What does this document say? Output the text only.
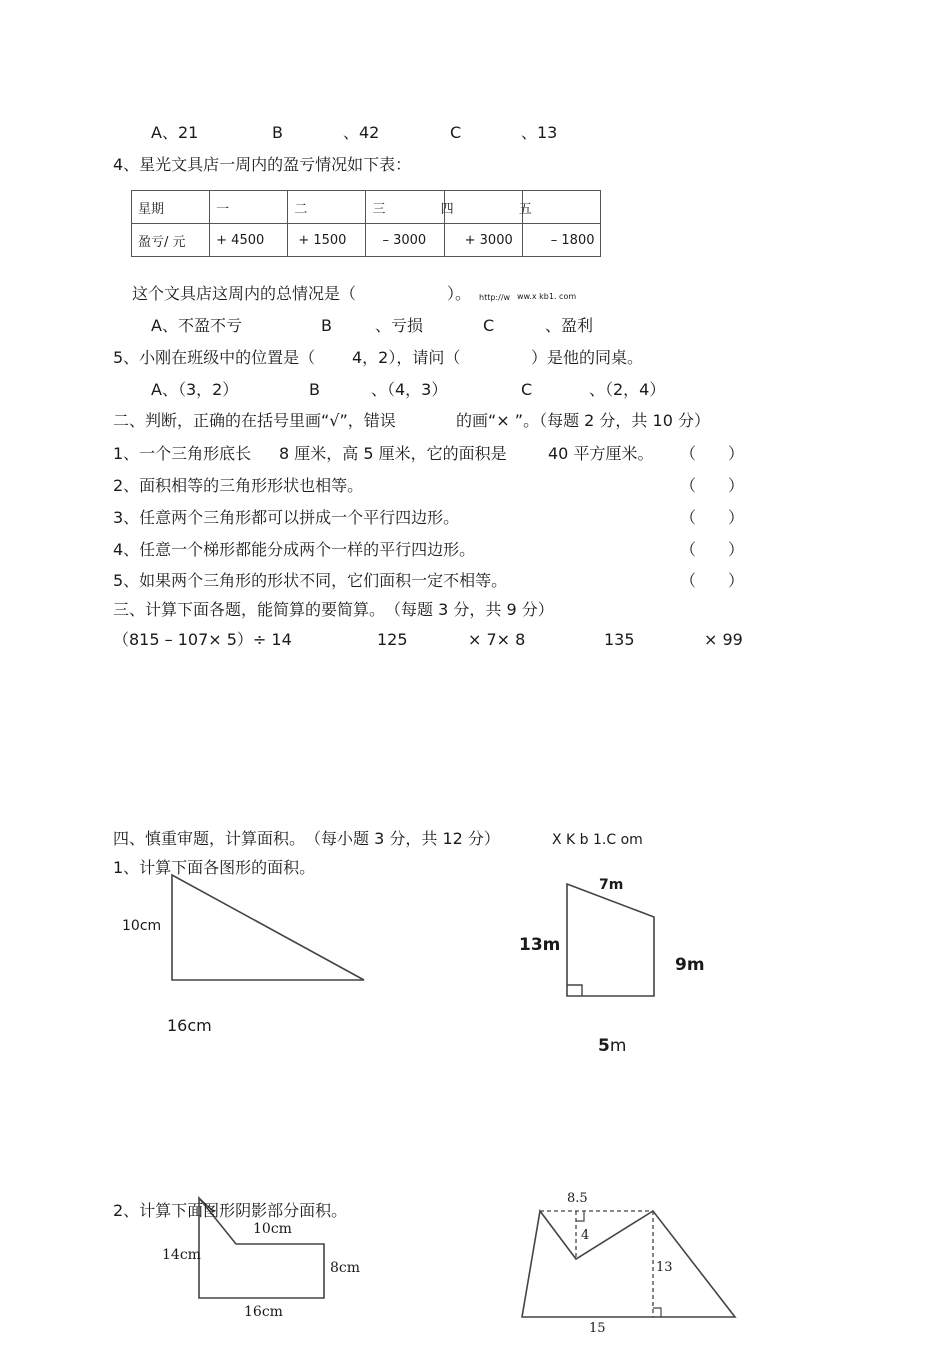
A、21	B	、42	C	、13
4、星光文具店一周内的盈亏情况如下表：
星期	一	二	三	四	五
盈亏/ 元	+ 4500	+ 1500	– 3000	+ 3000	– 1800
这个文具店这周内的总情况是（	）。 http://w ww.x kb1. com
A、不盈不亏	B	、亏损	C	、盈利
5、小刚在班级中的位置是（ 4，2），请问（	）是他的同桌。
A、（3，2）	B	、（4，3）	C	、（2，4）
二、判断，正确的在括号里画“√”，错误	的画“× ”。（每题 2 分，共 10 分）
1、一个三角形底长 8 厘米，高 5 厘米，它的面积是	40 平方厘米。 （　　）
2、面积相等的三角形形状也相等。	（　　）
3、任意两个三角形都可以拼成一个平行四边形。	（　　）
4、任意一个梯形都能分成两个一样的平行四边形。	（　　）
5、如果两个三角形的形状不同，它们面积一定不相等。	（　　）
三、计算下面各题，能简算的要简算。　（每题 3 分，共 9 分）
（815 – 107× 5）÷ 14	125	× 7× 8	135	× 99
四、慎重审题，计算面积。　（每小题 3 分，共 12 分）	X K b 1.C om
1、计算下面各图形的面积。
10cm
16cm
7m
13m
9m
5m
2、计算下面图形阴影部分面积。
10cm
14cm
8cm
16cm
8.5
4
13
15
